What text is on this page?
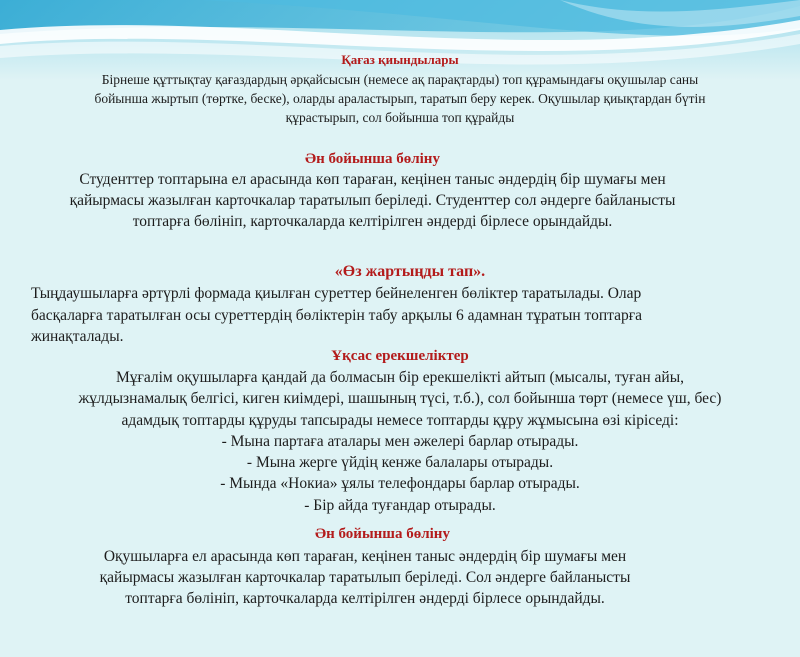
Қағаз қиындылары
Бірнеше құттықтау қағаздардың әрқайсысын (немесе ақ парақтарды) топ құрамындағы оқушылар саны
бойынша жыртып (төртке, беске), оларды араластырып, таратып беру керек. Оқушылар қиықтардан бүтін
құрастырып, сол бойынша топ құрайды
Ән бойынша бөліну
Студенттер топтарына ел арасында көп тараған, кеңінен таныс әндердің бір шумағы мен
қайырмасы жазылған карточкалар таратылып беріледі. Студенттер сол әндерге байланысты
топтарға бөлініп, карточкаларда келтірілген әндерді бірлесе орындайды.
«Өз жартыңды тап».
Тыңдаушыларға әртүрлі формада қиылған суреттер бейнеленген бөліктер таратылады. Олар
басқаларға таратылған осы суреттердің бөліктерін табу арқылы 6 адамнан тұратын топтарға
жинақталады.
Ұқсас ерекшеліктер
Мұғалім оқушыларға қандай да болмасын бір ерекшелікті айтып (мысалы, туған айы,
жұлдызнамалық белгісі, киген киімдері, шашының түсі, т.б.), сол бойынша төрт (немесе үш, бес)
адамдық топтарды құруды тапсырады немесе топтарды құру жұмысына өзі кіріседі:
- Мына партаға аталары мен әжелері барлар отырады.
- Мына жерге үйдің кенже балалары отырады.
- Мында «Нокиа» ұялы телефондары барлар отырады.
- Бір айда туғандар отырады.
Ән бойынша бөліну
Оқушыларға ел арасында көп тараған, кеңінен таныс әндердің бір шумағы мен
қайырмасы жазылған карточкалар таратылып беріледі. Сол әндерге байланысты
топтарға бөлініп, карточкаларда келтірілген әндерді бірлесе орындайды.
